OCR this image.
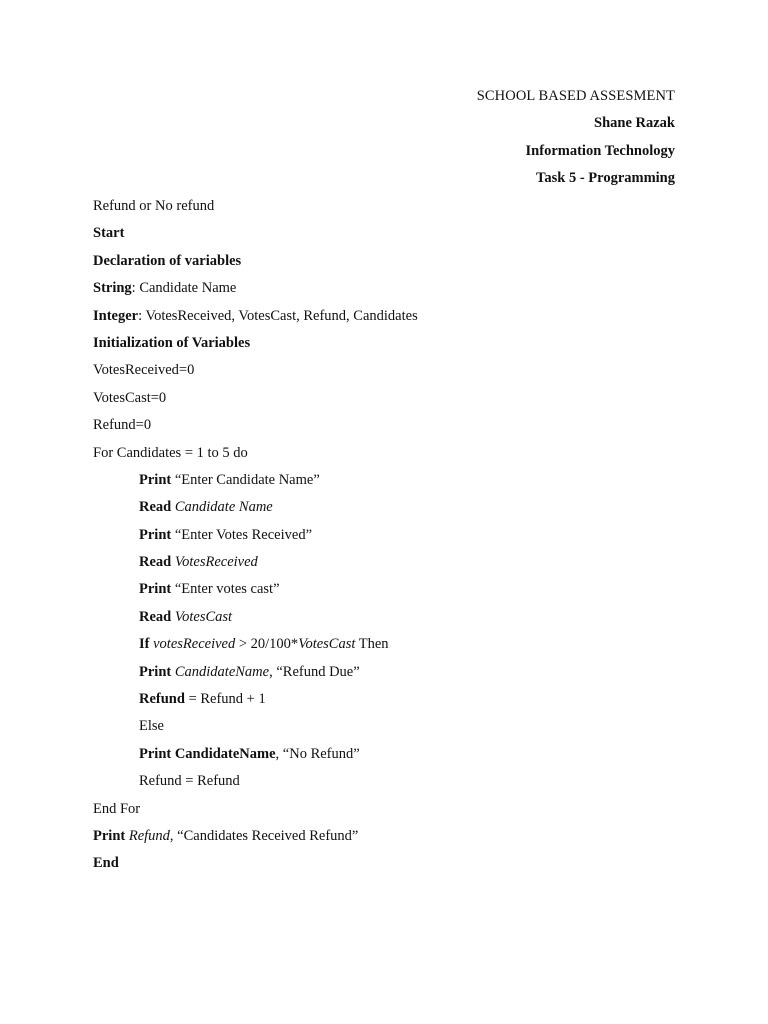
SCHOOL BASED ASSESMENT
Shane Razak
Information Technology
Task 5 - Programming
Refund or No refund
Start
Declaration of variables
String: Candidate Name
Integer: VotesReceived, VotesCast, Refund, Candidates
Initialization of Variables
VotesReceived=0
VotesCast=0
Refund=0
For Candidates = 1 to 5 do
Print “Enter Candidate Name”
Read Candidate Name
Print “Enter Votes Received”
Read VotesReceived
Print “Enter votes cast”
Read VotesCast
If votesReceived > 20/100*VotesCast Then
Print CandidateName, “Refund Due”
Refund = Refund + 1
Else
Print CandidateName, “No Refund”
Refund = Refund
End For
Print Refund, “Candidates Received Refund”
End
